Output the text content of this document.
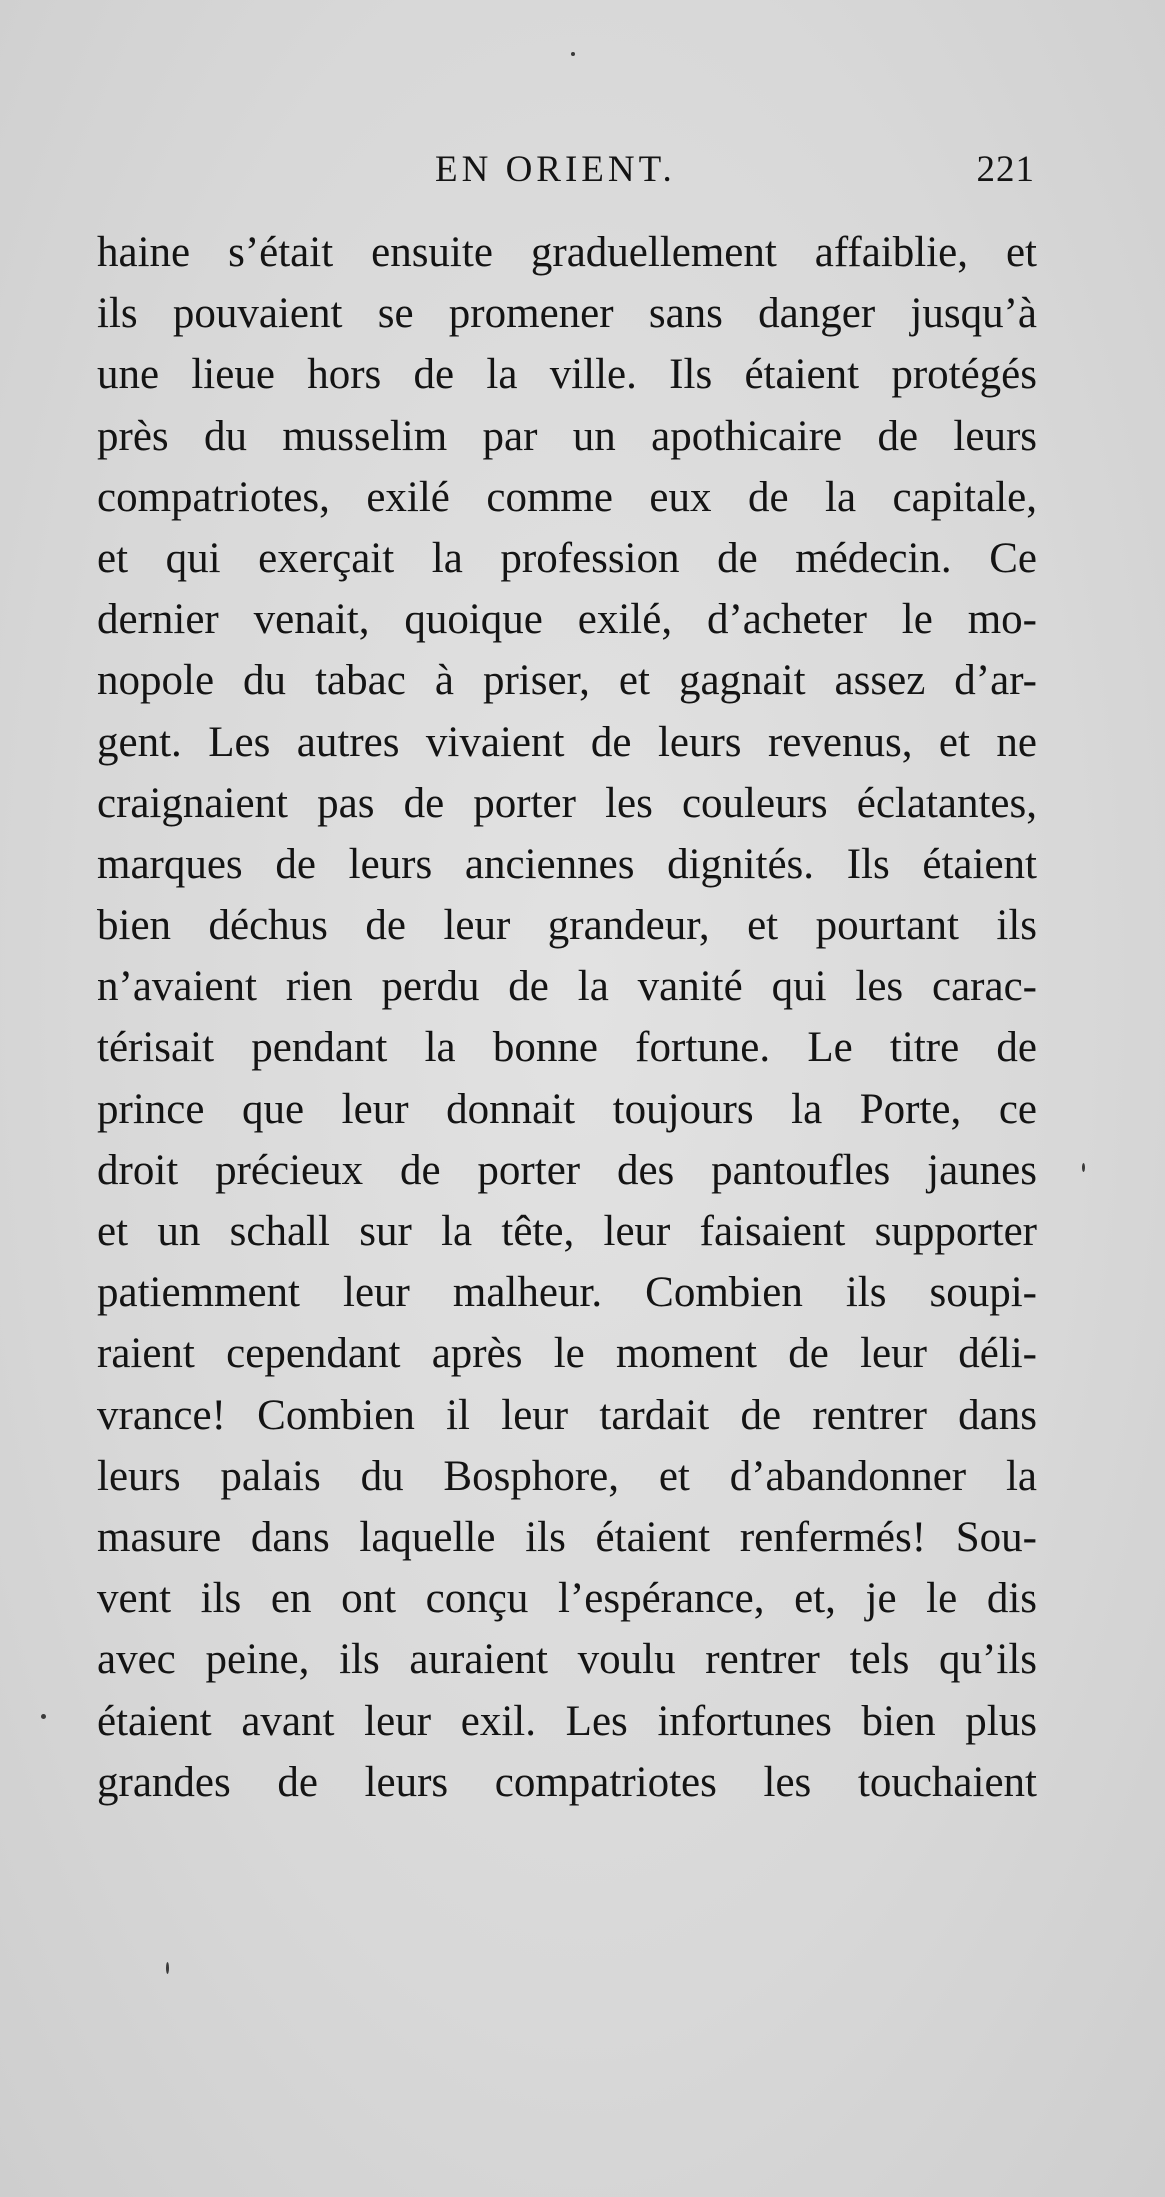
EN ORIENT.	221
haine s’était ensuite graduellement affaiblie, et
ils pouvaient se promener sans danger jusqu’à
une lieue hors de la ville. Ils étaient protégés
près du musselim par un apothicaire de leurs
compatriotes, exilé comme eux de la capitale,
et qui exerçait la profession de médecin. Ce
dernier venait, quoique exilé, d’acheter le mo-
nopole du tabac à priser, et gagnait assez d’ar-
gent. Les autres vivaient de leurs revenus, et ne
craignaient pas de porter les couleurs éclatantes,
marques de leurs anciennes dignités. Ils étaient
bien déchus de leur grandeur, et pourtant ils
n’avaient rien perdu de la vanité qui les carac-
térisait pendant la bonne fortune. Le titre de
prince que leur donnait toujours la Porte, ce
droit précieux de porter des pantoufles jaunes
et un schall sur la tête, leur faisaient supporter
patiemment leur malheur. Combien ils soupi-
raient cependant après le moment de leur déli-
vrance! Combien il leur tardait de rentrer dans
leurs palais du Bosphore, et d’abandonner la
masure dans laquelle ils étaient renfermés! Sou-
vent ils en ont conçu l’espérance, et, je le dis
avec peine, ils auraient voulu rentrer tels qu’ils
étaient avant leur exil. Les infortunes bien plus
grandes de leurs compatriotes les touchaient
